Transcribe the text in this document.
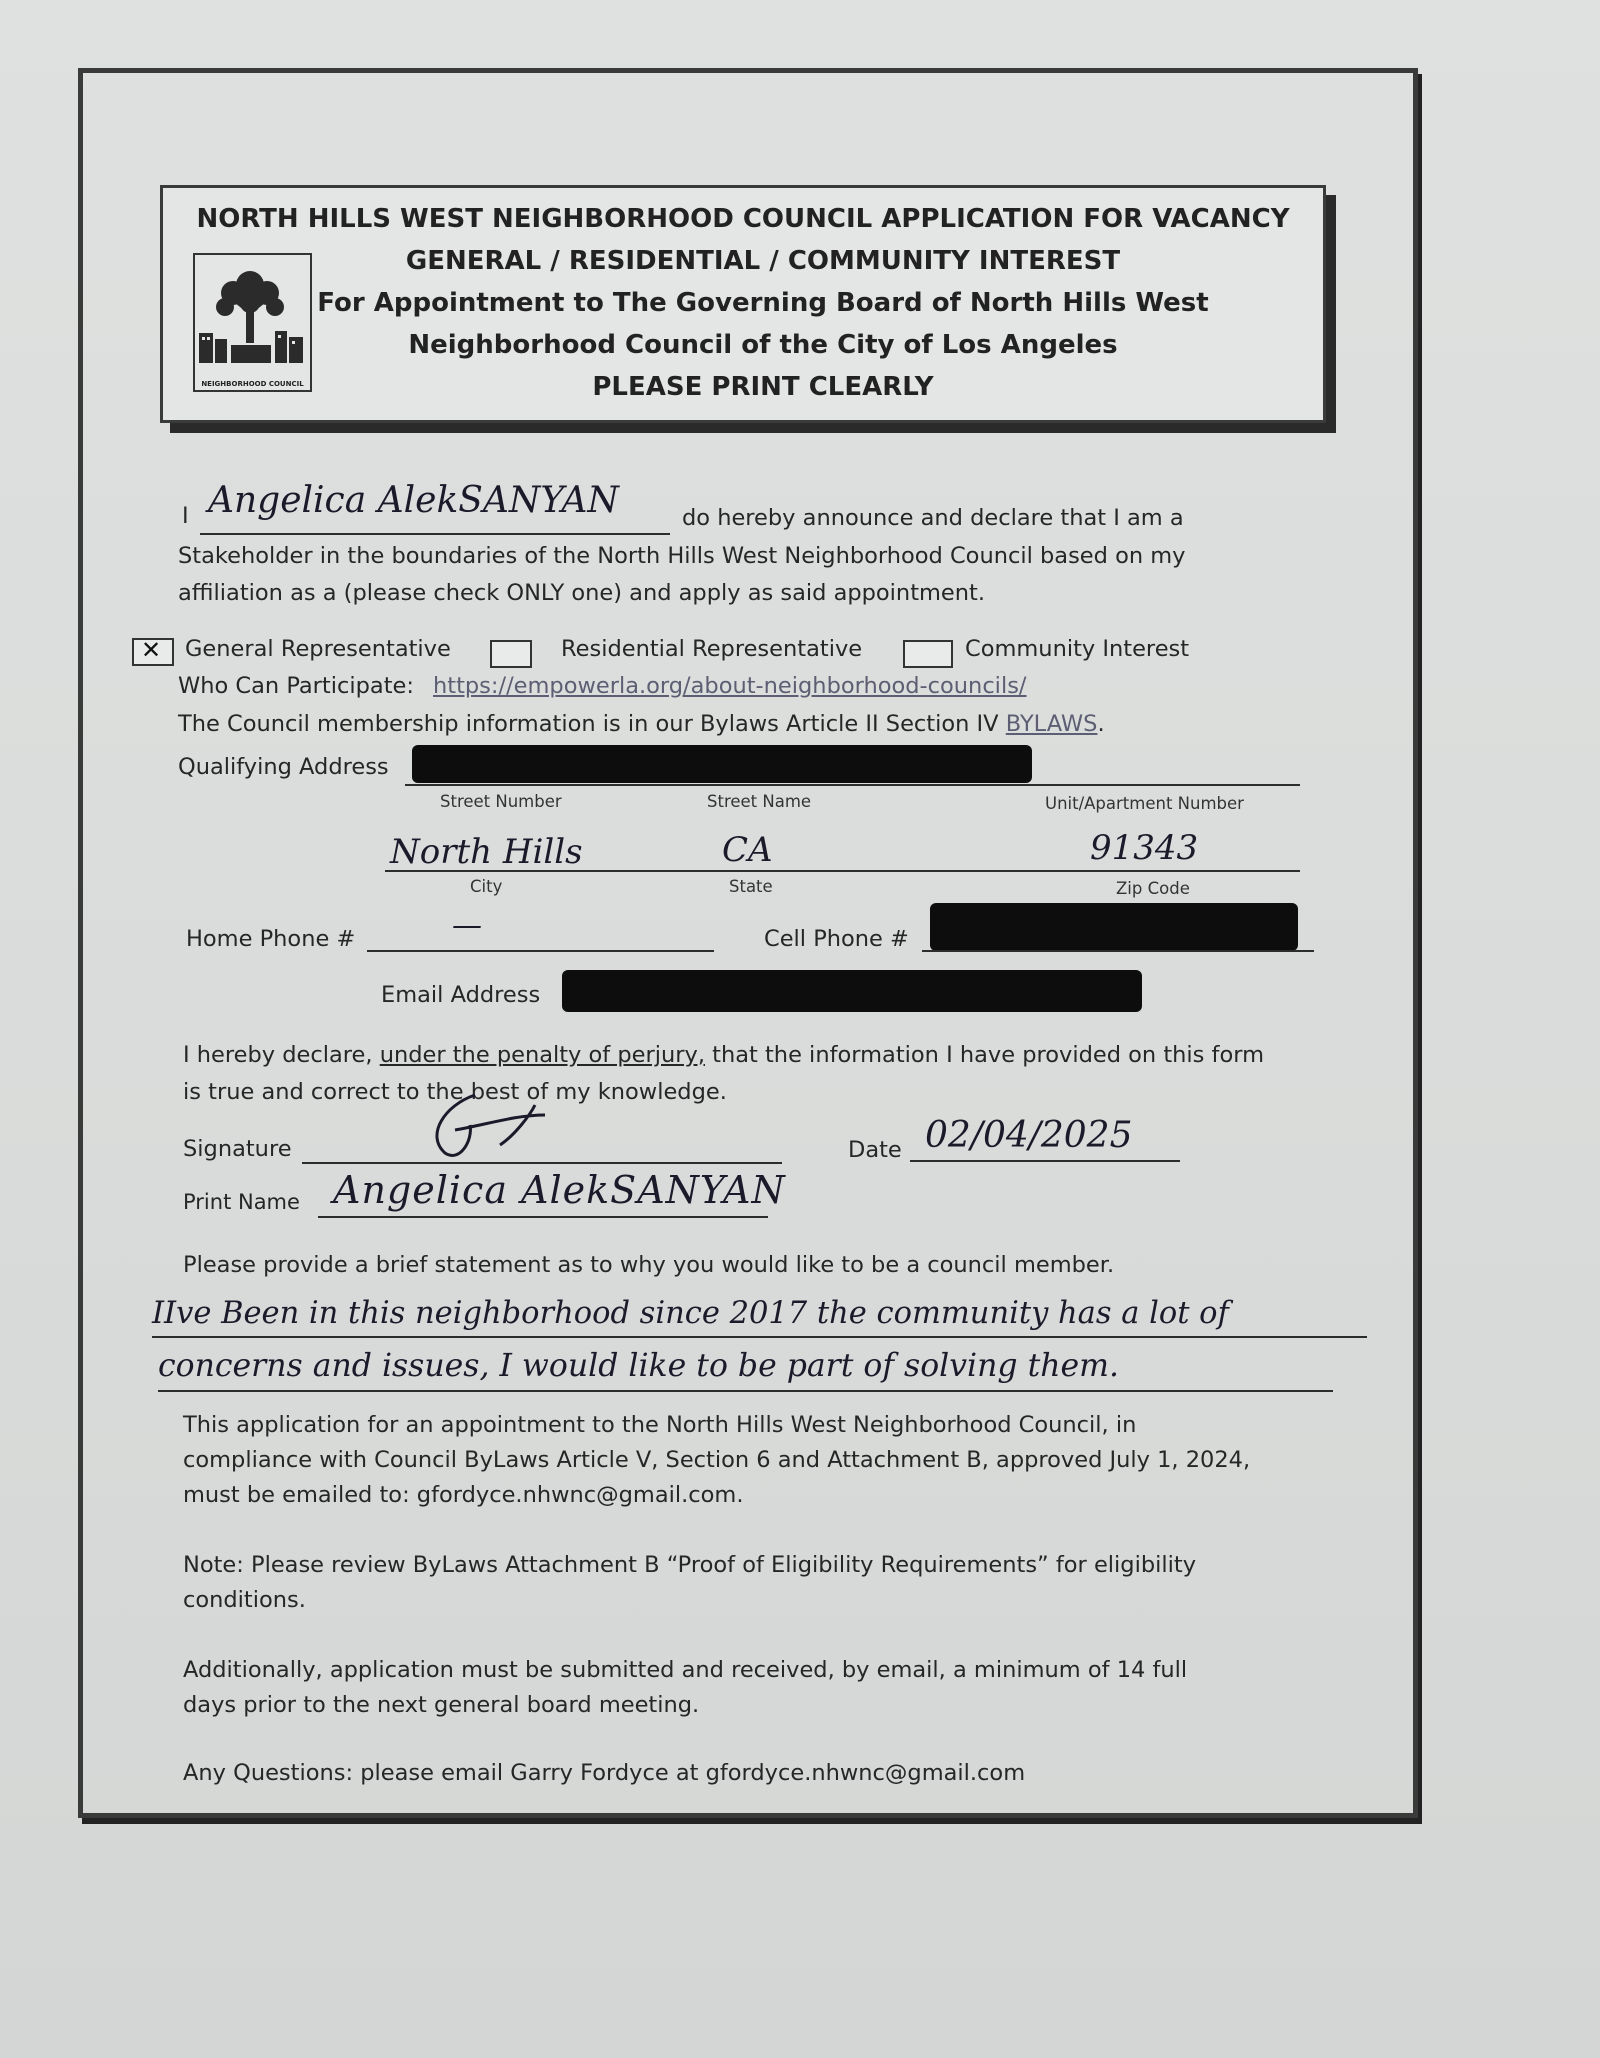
NEIGHBORHOOD COUNCIL
NORTH HILLS WEST NEIGHBORHOOD COUNCIL APPLICATION FOR VACANCY
GENERAL / RESIDENTIAL / COMMUNITY INTEREST
For Appointment to The Governing Board of North Hills West
Neighborhood Council of the City of Los Angeles
PLEASE PRINT CLEARLY
I Angelica AlekSANYAN	do hereby announce and declare that I am a
Stakeholder in the boundaries of the North Hills West Neighborhood Council based on my
affiliation as a (please check ONLY one) and apply as said appointment.
✕ General Representative	Residential Representative	Community Interest
Who Can Participate: https://empowerla.org/about-neighborhood-councils/
The Council membership information is in our Bylaws Article II Section IV BYLAWS.
Qualifying Address
Street Number	Street Name	Unit/Apartment Number
North Hills	CA	91343
City	State	Zip Code
Home Phone #	—	Cell Phone #
Email Address
I hereby declare, under the penalty of perjury, that the information I have provided on this form
is true and correct to the best of my knowledge.
Signature	Date 02/04/2025
Print Name Angelica AlekSANYAN
Please provide a brief statement as to why you would like to be a council member.
IIve Been in this neighborhood since 2017 the community has a lot of
concerns and issues, I would like to be part of solving them.
This application for an appointment to the North Hills West Neighborhood Council, in
compliance with Council ByLaws Article V, Section 6 and Attachment B, approved July 1, 2024,
must be emailed to: gfordyce.nhwnc@gmail.com.
Note: Please review ByLaws Attachment B “Proof of Eligibility Requirements” for eligibility
conditions.
Additionally, application must be submitted and received, by email, a minimum of 14 full
days prior to the next general board meeting.
Any Questions: please email Garry Fordyce at gfordyce.nhwnc@gmail.com
